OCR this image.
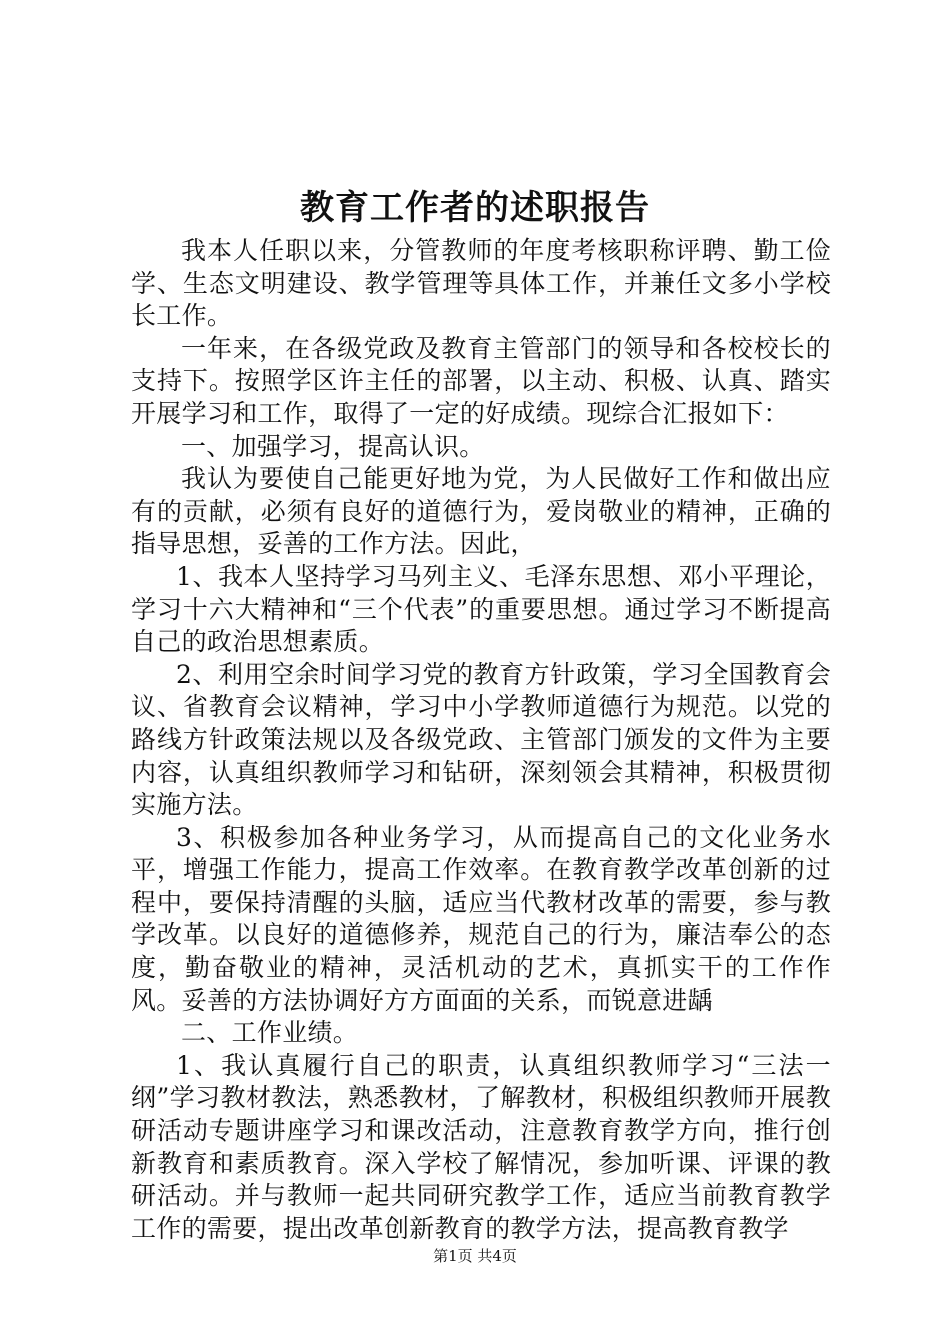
教育工作者的述职报告

我本人任职以来，分管教师的年度考核职称评聘、勤工俭学、生态文明建设、教学管理等具体工作，并兼任文多小学校长工作。

一年来，在各级党政及教育主管部门的领导和各校校长的支持下。按照学区许主任的部署，以主动、积极、认真、踏实开展学习和工作，取得了一定的好成绩。现综合汇报如下：

一、加强学习，提高认识。

我认为要使自己能更好地为党，为人民做好工作和做出应有的贡献，必须有良好的道德行为，爱岗敬业的精神，正确的指导思想，妥善的工作方法。因此，

1、我本人坚持学习马列主义、毛泽东思想、邓小平理论，学习十六大精神和“三个代表”的重要思想。通过学习不断提高自己的政治思想素质。

2、利用空余时间学习党的教育方针政策，学习全国教育会议、省教育会议精神，学习中小学教师道德行为规范。以党的路线方针政策法规以及各级党政、主管部门颁发的文件为主要内容，认真组织教师学习和钻研，深刻领会其精神，积极贯彻实施方法。

3、积极参加各种业务学习，从而提高自己的文化业务水平，增强工作能力，提高工作效率。在教育教学改革创新的过程中，要保持清醒的头脑，适应当代教材改革的需要，参与教学改革。以良好的道德修养，规范自己的行为，廉洁奉公的态度，勤奋敬业的精神，灵活机动的艺术，真抓实干的工作作风。妥善的方法协调好方方面面的关系，而锐意进龋

二、工作业绩。

1、我认真履行自己的职责，认真组织教师学习“三法一纲”学习教材教法，熟悉教材，了解教材，积极组织教师开展教研活动专题讲座学习和课改活动，注意教育教学方向，推行创新教育和素质教育。深入学校了解情况，参加听课、评课的教研活动。并与教师一起共同研究教学工作，适应当前教育教学工作的需要，提出改革创新教育的教学方法，提高教育教学

第1页 共4页
